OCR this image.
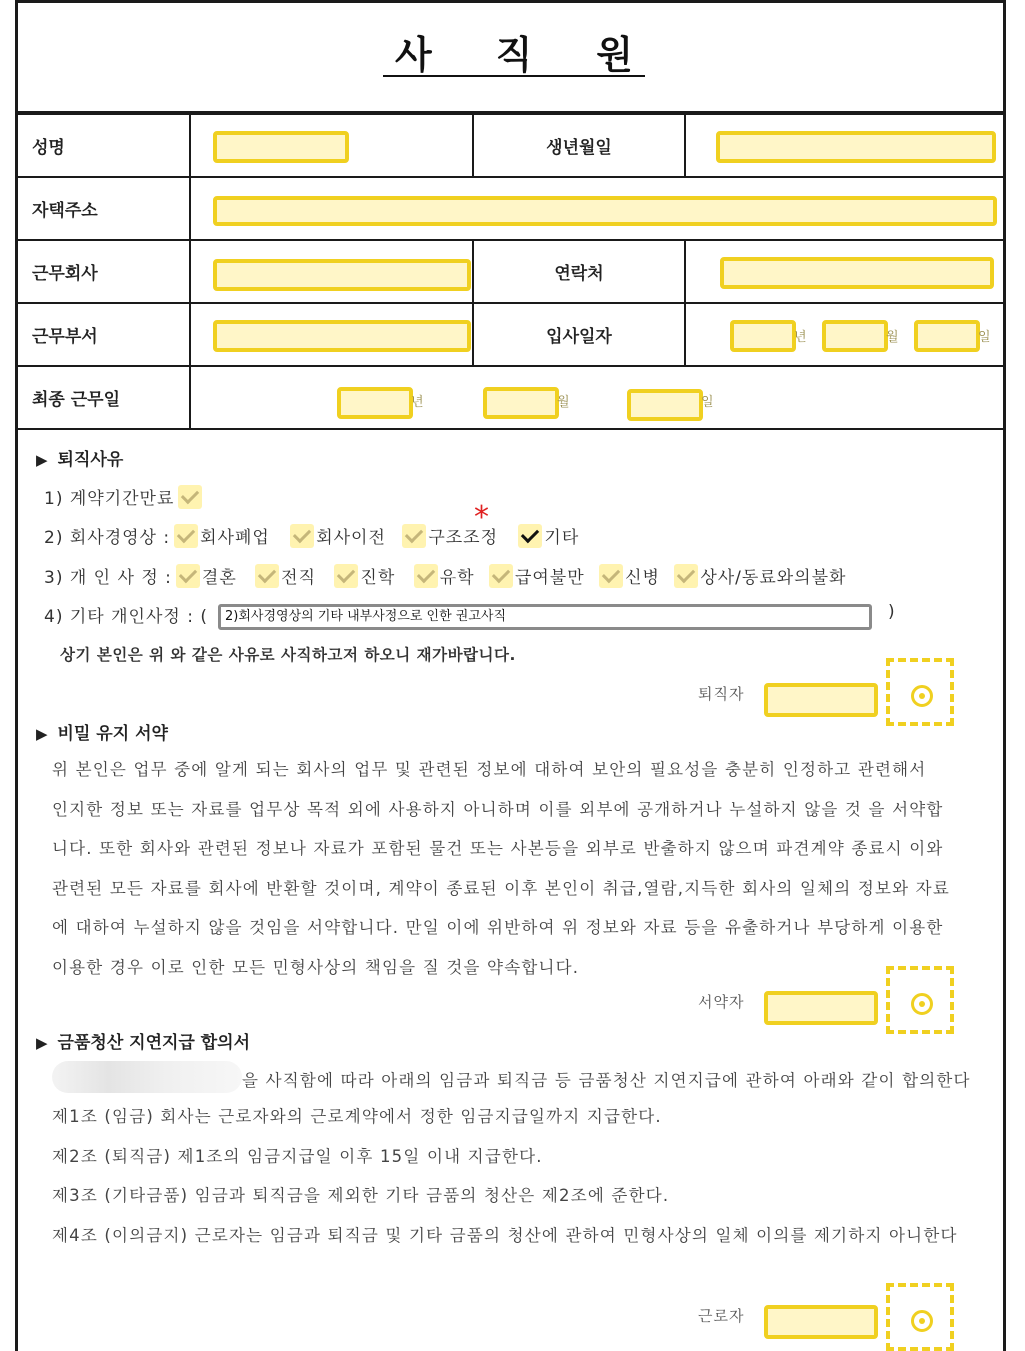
사 직 원
성명		생년월일	

자택주소			

근무회사		연락처	

근무부서		입사일자	년 월 일

최종 근무일	년 월 일		
▶ 퇴직사유
1) 계약기간만료
2) 회사경영상 : 회사폐업	회사이전 구조조정	기타
*
3) 개 인 사 정 : 결혼	전직	진학	유학 급여불만 신병 상사/동료와의불화
4) 기타 개인사정 : (	2)회사경영상의 기타 내부사정으로 인한 권고사직	)
상기 본인은 위 와 같은 사유로 사직하고저 하오니 재가바랍니다.
퇴직자
▶ 비밀 유지 서약
위 본인은 업무 중에 알게 되는 회사의 업무 및 관련된 정보에 대하여 보안의 필요성을 충분히 인정하고 관련해서
인지한 정보 또는 자료를 업무상 목적 외에 사용하지 아니하며 이를 외부에 공개하거나 누설하지 않을 것 을 서약합
니다. 또한 회사와 관련된 정보나 자료가 포함된 물건 또는 사본등을 외부로 반출하지 않으며 파견계약 종료시 이와
관련된 모든 자료를 회사에 반환할 것이며, 계약이 종료된 이후 본인이 취급,열람,지득한 회사의 일체의 정보와 자료
에 대하여 누설하지 않을 것임을 서약합니다. 만일 이에 위반하여 위 정보와 자료 등을 유출하거나 부당하게 이용한
이용한 경우 이로 인한 모든 민형사상의 책임을 질 것을 약속합니다.
서약자
▶ 금품청산 지연지급 합의서
을 사직함에 따라 아래의 임금과 퇴직금 등 금품청산 지연지급에 관하여 아래와 같이 합의한다
제1조 (임금) 회사는 근로자와의 근로계약에서 정한 임금지급일까지 지급한다.
제2조 (퇴직금) 제1조의 임금지급일 이후 15일 이내 지급한다.
제3조 (기타금품) 임금과 퇴직금을 제외한 기타 금품의 청산은 제2조에 준한다.
제4조 (이의금지) 근로자는 임금과 퇴직금 및 기타 금품의 청산에 관하여 민형사상의 일체 이의를 제기하지 아니한다
근로자
